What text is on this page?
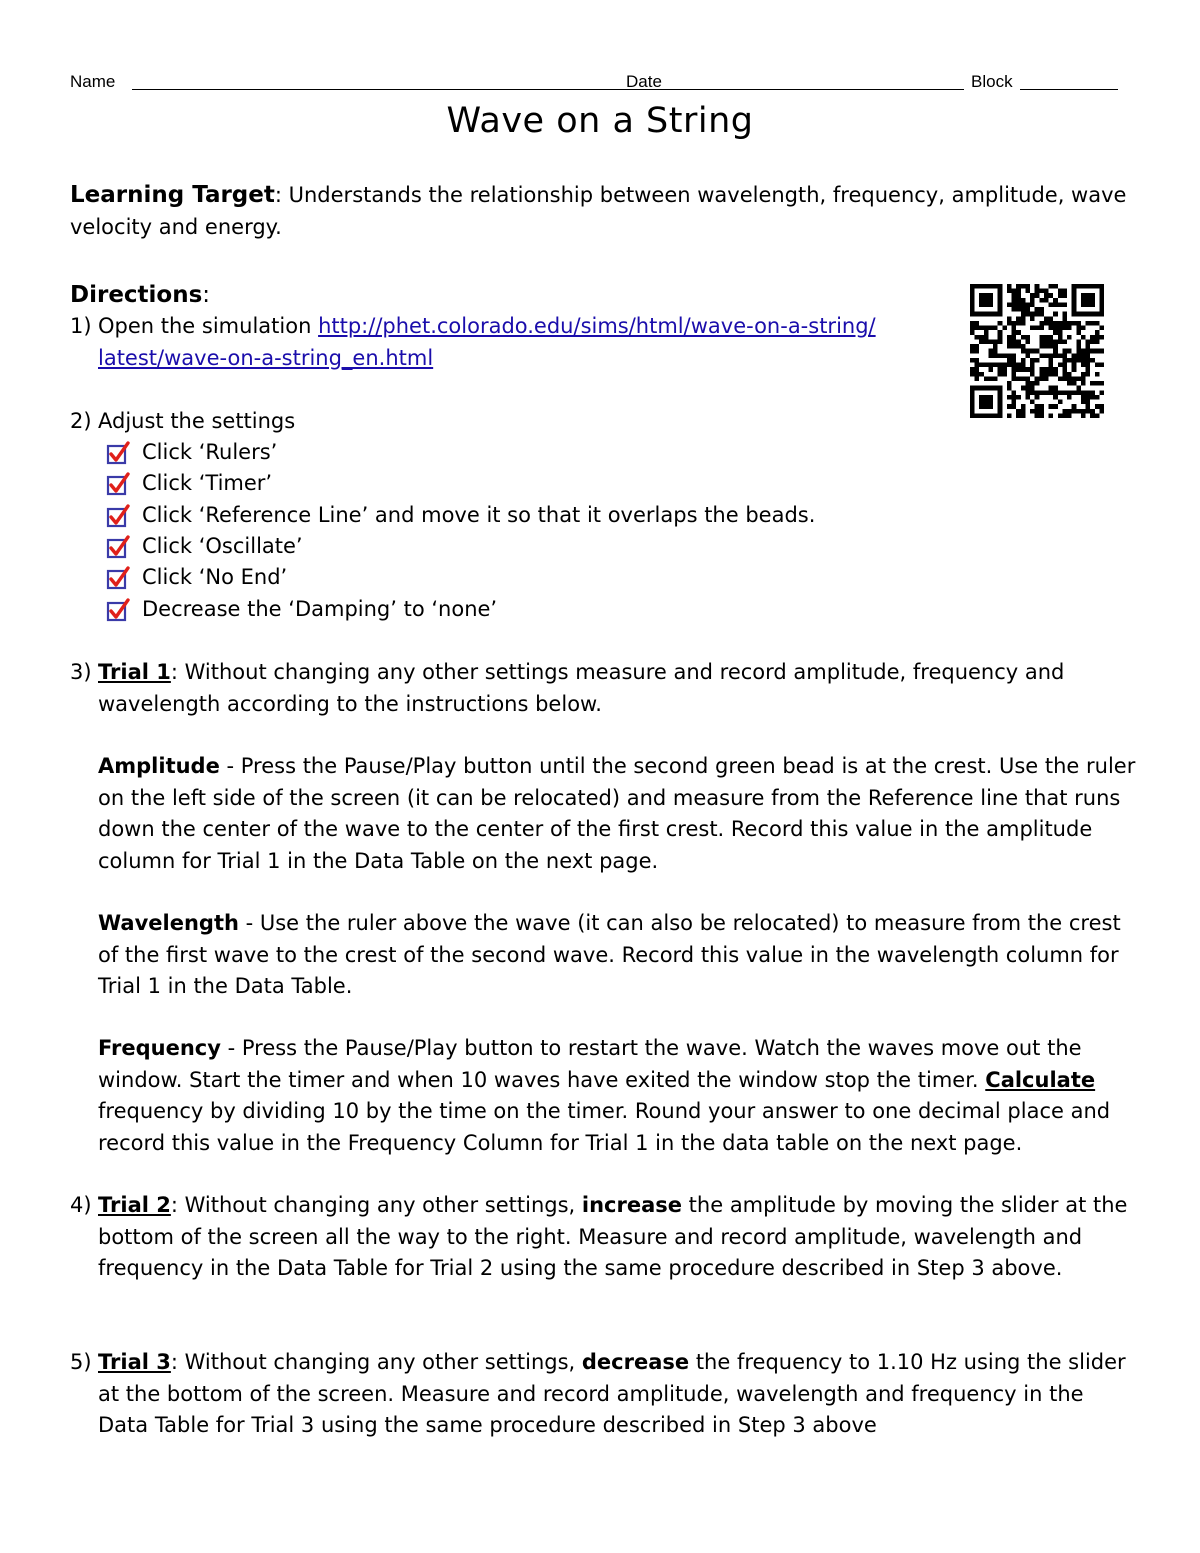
Name	Date	Block
Wave on a String
Learning Target: Understands the relationship between wavelength, frequency, amplitude, wave velocity and energy.
Directions:
1) Open the simulation http://phet.colorado.edu/sims/html/wave-on-a-string/
latest/wave-on-a-string_en.html
2) Adjust the settings
Click ‘Rulers’
Click ‘Timer’
Click ‘Reference Line’ and move it so that it overlaps the beads.
Click ‘Oscillate’
Click ‘No End’
Decrease the ‘Damping’ to ‘none’
3) Trial 1: Without changing any other settings measure and record amplitude, frequency and wavelength according to the instructions below.
Amplitude - Press the Pause/Play button until the second green bead is at the crest. Use the ruler on the left side of the screen (it can be relocated) and measure from the Reference line that runs down the center of the wave to the center of the first crest. Record this value in the amplitude column for Trial 1 in the Data Table on the next page.
Wavelength - Use the ruler above the wave (it can also be relocated) to measure from the crest of the first wave to the crest of the second wave. Record this value in the wavelength column for Trial 1 in the Data Table.
Frequency - Press the Pause/Play button to restart the wave. Watch the waves move out the window. Start the timer and when 10 waves have exited the window stop the timer. Calculate frequency by dividing 10 by the time on the timer. Round your answer to one decimal place and record this value in the Frequency Column for Trial 1 in the data table on the next page.
4) Trial 2: Without changing any other settings, increase the amplitude by moving the slider at the bottom of the screen all the way to the right. Measure and record amplitude, wavelength and frequency in the Data Table for Trial 2 using the same procedure described in Step 3 above.
5) Trial 3: Without changing any other settings, decrease the frequency to 1.10 Hz using the slider at the bottom of the screen. Measure and record amplitude, wavelength and frequency in the Data Table for Trial 3 using the same procedure described in Step 3 above
